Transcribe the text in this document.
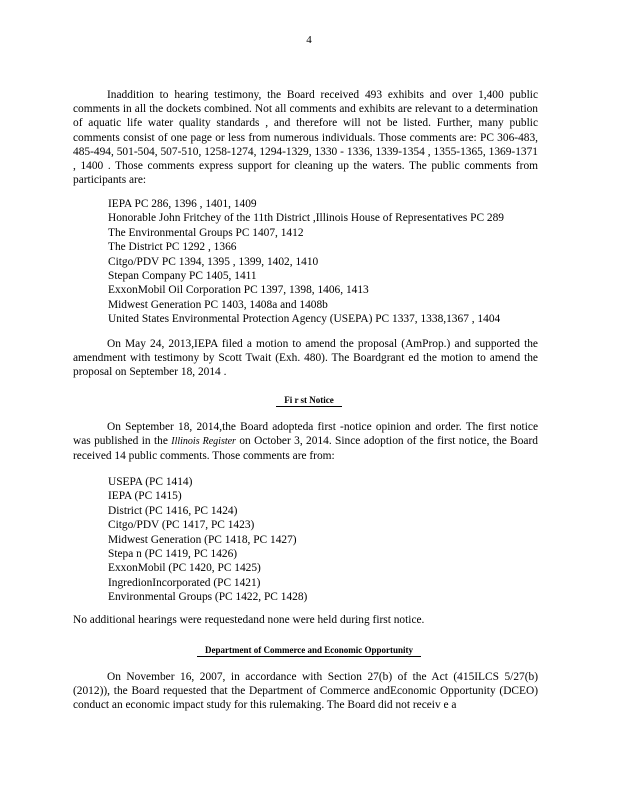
4

Inaddition to hearing testimony, the Board received 493 exhibits and over 1,400 public comments in all the dockets combined. Not all comments and exhibits are relevant to a determination of aquatic life water quality standards , and therefore will not be listed. Further, many public comments consist of one page or less from numerous individuals. Those comments are: PC 306-483, 485-494, 501-504, 507-510, 1258-1274, 1294-1329, 1330 - 1336, 1339-1354 , 1355-1365, 1369-1371 , 1400 . Those comments express support for cleaning up the waters. The public comments from participants are:

IEPA PC 286, 1396 , 1401, 1409
Honorable John Fritchey of the 11th District ,Illinois House of Representatives PC 289
The Environmental Groups PC 1407, 1412
The District PC 1292 , 1366
Citgo/PDV PC 1394, 1395 , 1399, 1402, 1410
Stepan Company PC 1405, 1411
ExxonMobil Oil Corporation PC 1397, 1398, 1406, 1413
Midwest Generation PC 1403, 1408a and 1408b
United States Environmental Protection Agency (USEPA) PC 1337, 1338,1367 , 1404

On May 24, 2013,IEPA filed a motion to amend the proposal (AmProp.) and supported the amendment with testimony by Scott Twait (Exh. 480). The Boardgrant ed the motion to amend the proposal on September 18, 2014 .

Fi r st Notice

On September 18, 2014,the Board adopteda first -notice opinion and order. The first notice was published in the Illinois Register on October 3, 2014. Since adoption of the first notice, the Board received 14 public comments. Those comments are from:

USEPA (PC 1414)
IEPA (PC 1415)
District (PC 1416, PC 1424)
Citgo/PDV (PC 1417, PC 1423)
Midwest Generation (PC 1418, PC 1427)
Stepa n (PC 1419, PC 1426)
ExxonMobil (PC 1420, PC 1425)
IngredionIncorporated (PC 1421)
Environmental Groups (PC 1422, PC 1428)

No additional hearings were requestedand none were held during first notice.

Department of Commerce and Economic Opportunity

On November 16, 2007, in accordance with Section 27(b) of the Act (415ILCS 5/27(b) (2012)), the Board requested that the Department of Commerce andEconomic Opportunity (DCEO) conduct an economic impact study for this rulemaking. The Board did not receiv e a
